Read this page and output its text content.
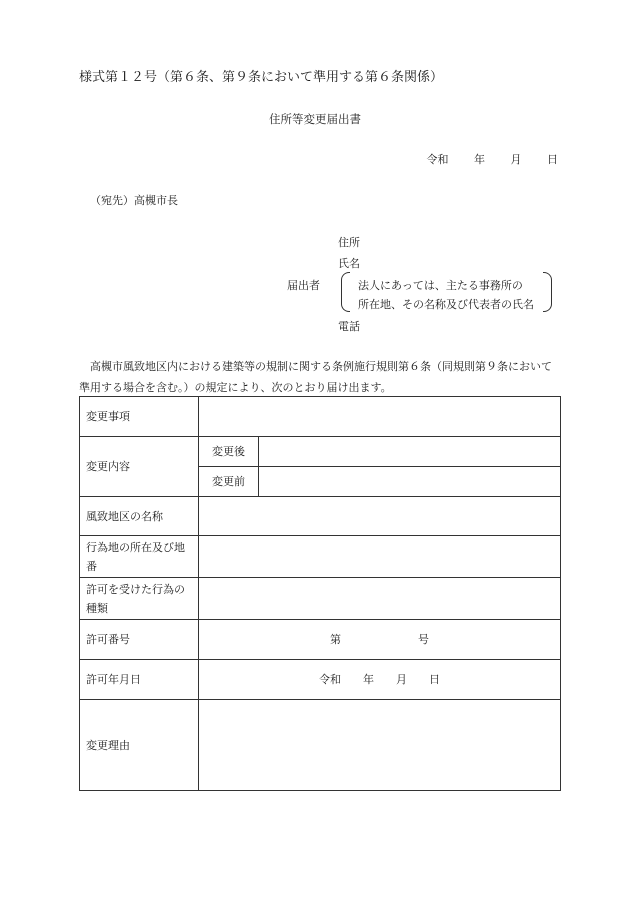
様式第１２号（第６条、第９条において準用する第６条関係）
住所等変更届出書
令和 年 月 日
（宛先）高槻市長
住所
氏名
届出者	法人にあっては、主たる事務所の
所在地、その名称及び代表者の氏名
電話
高槻市風致地区内における建築等の規制に関する条例施行規則第６条（同規則第９条において準用する場合を含む。）の規定により、次のとおり届け出ます。
変更事項		
変更内容	変更後	
	変更前	
風致地区の名称		
行為地の所在及び地番		
許可を受けた行為の種類		
許可番号	第　　　　　　　号	
許可年月日	令和　　年　　月　　日	
変更理由		
